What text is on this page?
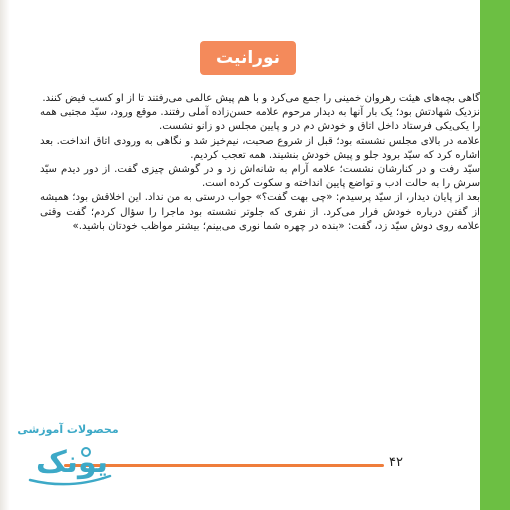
نورانیت

گاهی بچه‌های هیئت رهروان خمینی را جمع می‌کرد و با هم پیش عالمی می‌رفتند تا از او کسب فیض کنند.

نزدیک شهادتش بود؛ یک بار آنها به دیدار مرحوم علامه حسن‌زاده آملی رفتند. موقع ورود، سیّد مجتبی همه را یکی‌یکی فرستاد داخل اتاق و خودش دم در و پایین مجلس دو زانو نشست.

علامه در بالای مجلس نشسته بود؛ قبل از شروع صحبت، نیم‌خیز شد و نگاهی به ورودی اتاق انداخت. بعد اشاره کرد که سیّد برود جلو و پیش خودش بنشیند. همه تعجب کردیم.

سیّد رفت و در کنارشان نشست؛ علامه آرام به شانه‌اش زد و در گوشش چیزی گفت. از دور دیدم سیّد سرش را به حالت ادب و تواضع پایین انداخته و سکوت کرده است.

بعد از پایان دیدار، از سیّد پرسیدم: «چی بهت گفت؟» جواب درستی به من نداد. این اخلاقش بود؛ همیشه از گفتن درباره خودش فرار می‌کرد. از نفری که جلوتر نشسته بود ماجرا را سؤال کردم؛ گفت وقتی علامه روی دوش سیّد زد، گفت: «بنده در چهره شما نوری می‌بینم؛ بیشتر مواظب خودتان باشید.»

۴۲
محصولات آموزشی
پونک
